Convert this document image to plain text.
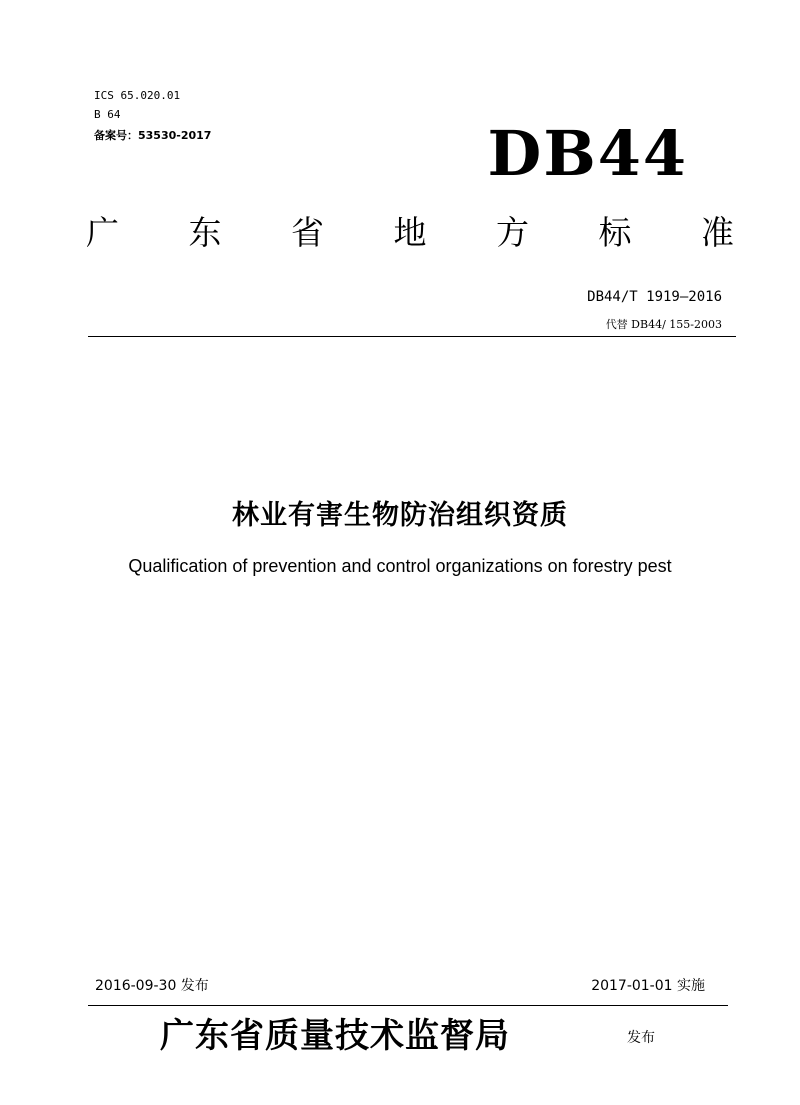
ICS 65.020.01
B 64
备案号：53530-2017	DB44
广 东 省 地 方 标 准
DB44/T 1919—2016
代替 DB44/ 155-2003
林业有害生物防治组织资质
Qualification of prevention and control organizations on forestry pest
2016-09-30 发布	2017-01-01 实施
广东省质量技术监督局	发布
